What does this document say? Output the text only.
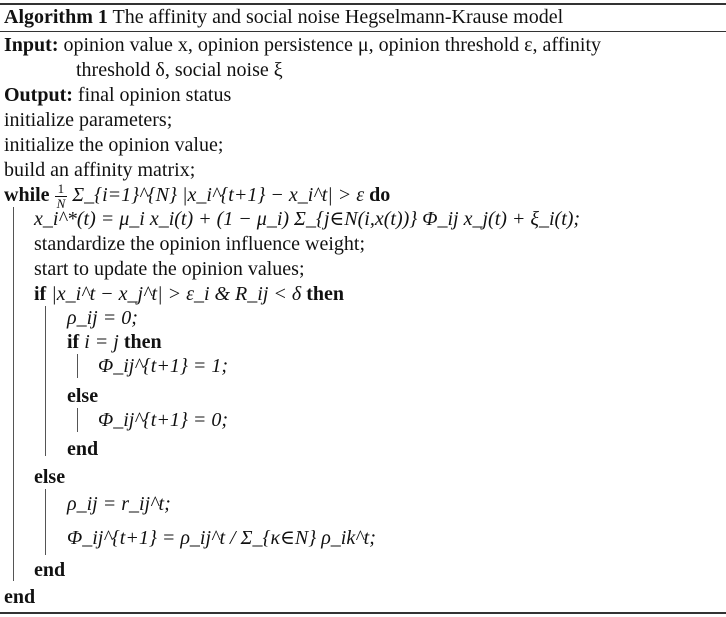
Algorithm 1 The affinity and social noise Hegselmann-Krause model
Input: opinion value x, opinion persistence μ, opinion threshold ε, affinity
threshold δ, social noise ξ
Output: final opinion status
initialize parameters;
initialize the opinion value;
build an affinity matrix;
while $\frac{1}{N}$ Σ_{i=1}^{N} |x_i^{t+1} − x_i^t| > ε do
x_i^*(t) = μ_i x_i(t) + (1 − μ_i) Σ_{j∈N(i,x(t))} Φ_ij x_j(t) + ξ_i(t);
standardize the opinion influence weight;
start to update the opinion values;
if |x_i^t − x_j^t| > ε_i & R_ij < δ then
ρ_ij = 0;
if i = j then
Φ_ij^{t+1} = 1;
else
Φ_ij^{t+1} = 0;
end
else
ρ_ij = r_ij^t;
Φ_ij^{t+1} = ρ_ij^t / Σ_{κ∈N} ρ_ik^t;
end
end
